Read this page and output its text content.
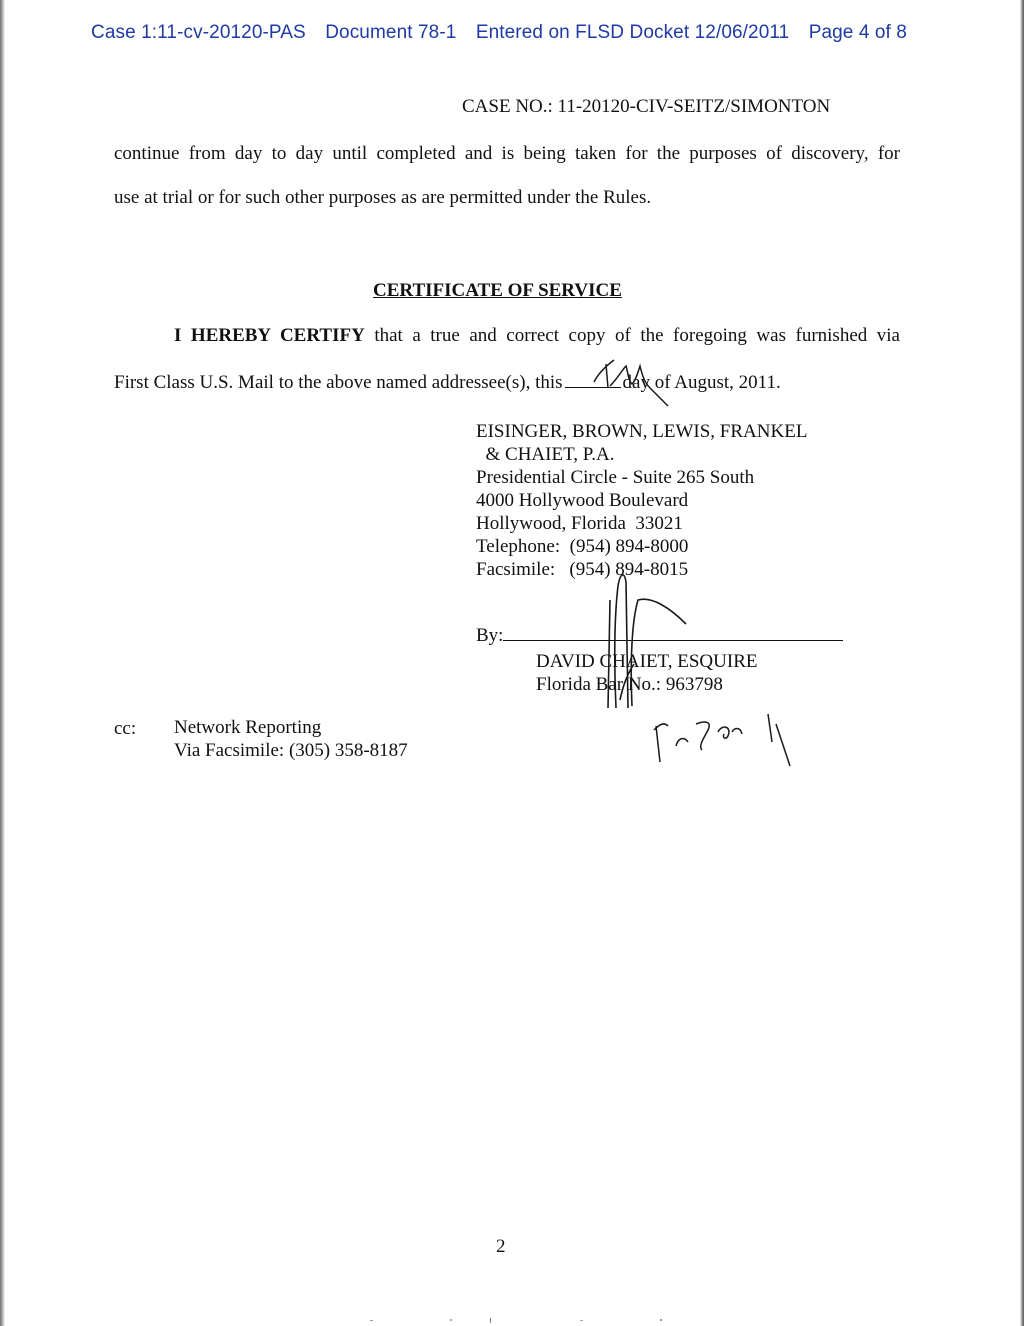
Case 1:11-cv-20120-PAS Document 78-1 Entered on FLSD Docket 12/06/2011 Page 4 of 8
CASE NO.: 11-20120-CIV-SEITZ/SIMONTON
continue from day to day until completed and is being taken for the purposes of discovery, for
use at trial or for such other purposes as are permitted under the Rules.
CERTIFICATE OF SERVICE
I HEREBY CERTIFY that a true and correct copy of the foregoing was furnished via
First Class U.S. Mail to the above named addressee(s), this	day of August, 2011.
EISINGER, BROWN, LEWIS, FRANKEL
& CHAIET, P.A.
Presidential Circle - Suite 265 South
4000 Hollywood Boulevard
Hollywood, Florida  33021
Telephone:  (954) 894-8000
Facsimile:   (954) 894-8015
By:
DAVID CHAIET, ESQUIRE
Florida Bar No.: 963798
cc: Network Reporting
Via Facsimile: (305) 358-8187
2
